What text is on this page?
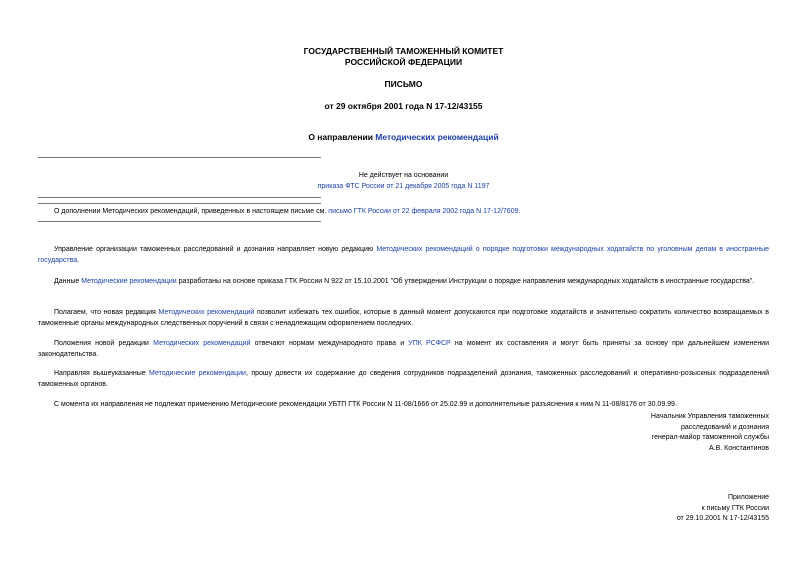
ГОСУДАРСТВЕННЫЙ ТАМОЖЕННЫЙ КОМИТЕТ
РОССИЙСКОЙ ФЕДЕРАЦИИ
ПИСЬМО
от 29 октября 2001 года N 17-12/43155
О направлении Методических рекомендаций
Не действует на основании
приказа ФТС России от 21 декабря 2005 года N 1197
О дополнении Методических рекомендаций, приведенных в настоящем письме см. письмо ГТК России от 22 февраля 2002 года N 17-12/7609.
Управление организации таможенных расследований и дознания направляет новую редакцию Методических рекомендаций о порядке подготовки международных ходатайств по уголовным делам в иностранные государства.
Данные Методические рекомендации разработаны на основе приказа ГТК России N 922 от 15.10.2001 "Об утверждении Инструкции о порядке направления международных ходатайств в иностранные государства".
Полагаем, что новая редакция Методических рекомендаций позволит избежать тех ошибок, которые в данный момент допускаются при подготовке ходатайств и значительно сократить количество возвращаемых в таможенные органы международных следственных поручений в связи с ненадлежащим оформлением последних.
Положения новой редакции Методических рекомендаций отвечают нормам международного права и УПК РСФСР на момент их составления и могут быть приняты за основу при дальнейшем изменении законодательства.
Направляя вышеуказанные Методические рекомендации, прошу довести их содержание до сведения сотрудников подразделений дознания, таможенных расследований и оперативно-розыскных подразделений таможенных органов.
С момента их направления не подлежат применению Методические рекомендации УБТП ГТК России N 11-08/1666 от 25.02.99 и дополнительные разъяснения к ним N 11-08/8176 от 30.09.99.
Начальник Управления таможенных
расследований и дознания
генерал-майор таможенной службы
А.В. Константинов
Приложение
к письму ГТК России
от 29.10.2001 N 17-12/43155
